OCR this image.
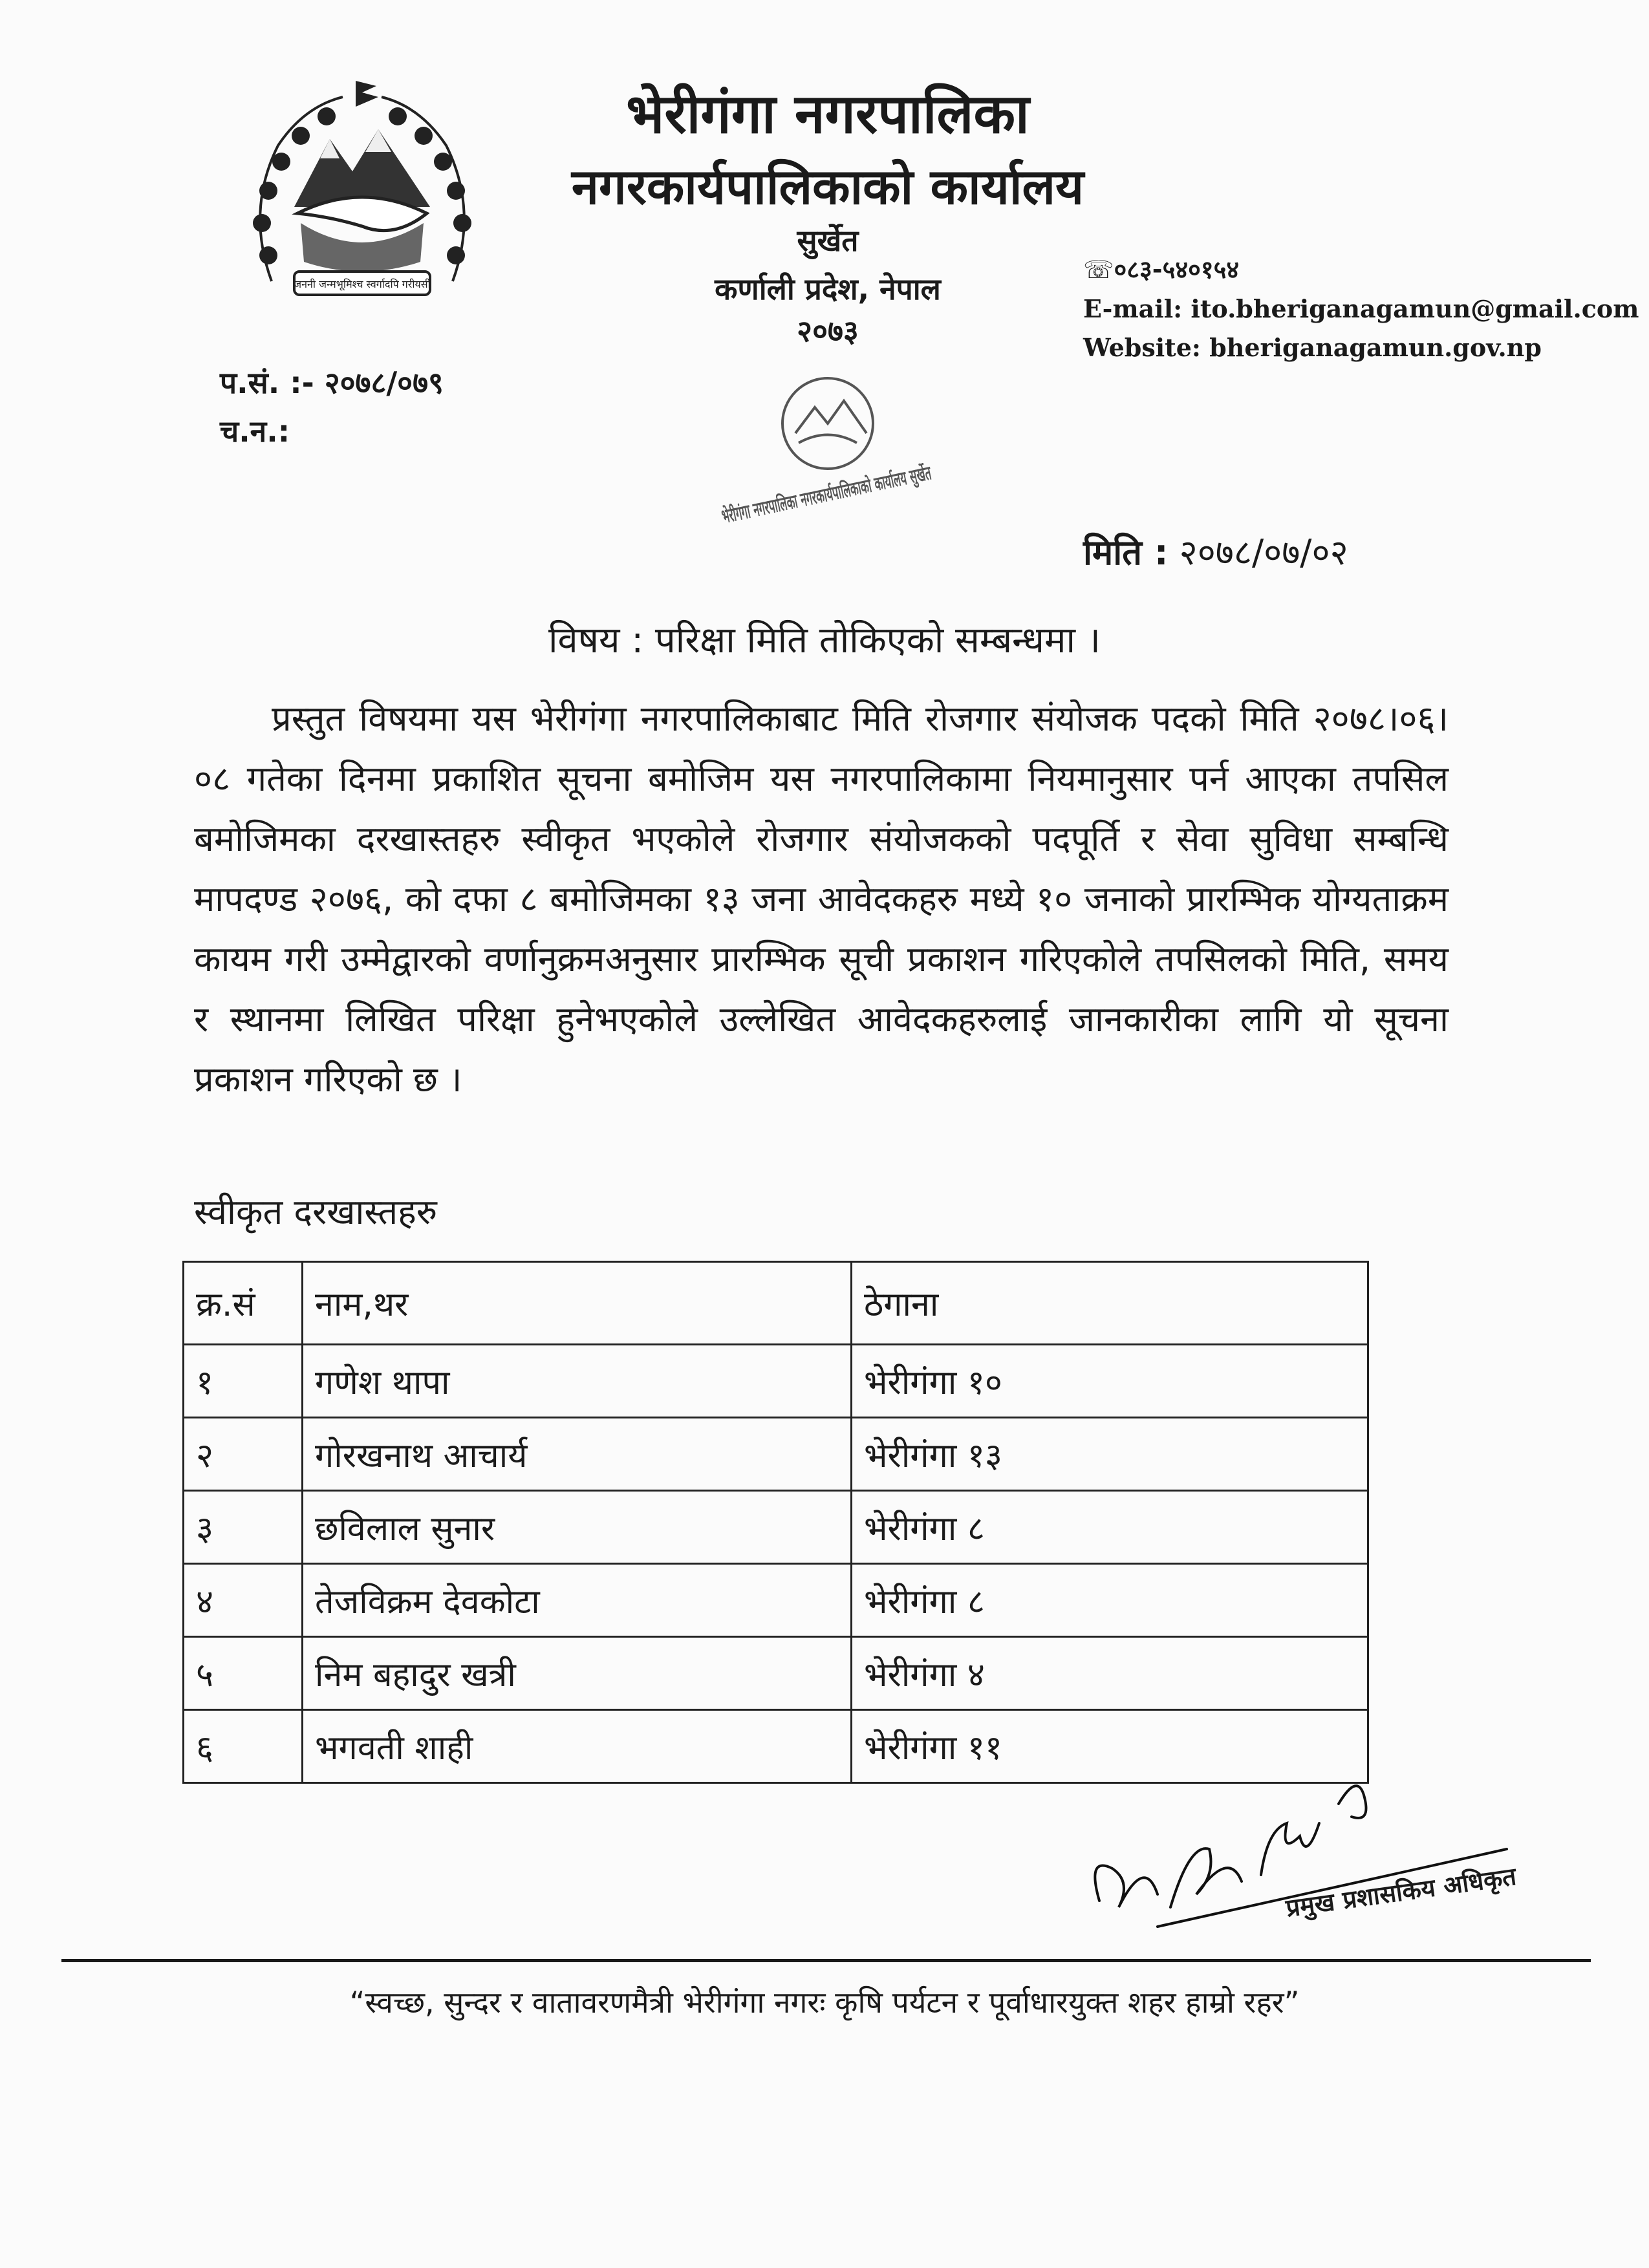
जननी जन्मभूमिश्च स्वर्गादपि गरीयसी
भेरीगंगा नगरपालिका
नगरकार्यपालिकाको कार्यालय
सुर्खेत
कर्णाली प्रदेश, नेपाल
२०७३
☏०८३-५४०१५४
E-mail: ito.bheriganagamun@gmail.com
Website: bheriganagamun.gov.np
प.सं. :- २०७८/०७९
च.न.:	भेरीगंगा नगरपालिका नगरकार्यपालिकाको कार्यालय सुर्खेत
मिति : २०७८/०७/०२
विषय : परिक्षा मिति तोकिएको सम्बन्धमा ।
प्रस्तुत विषयमा यस भेरीगंगा नगरपालिकाबाट मिति रोजगार संयोजक पदको मिति २०७८।०६।०८ गतेका दिनमा प्रकाशित सूचना बमोजिम यस नगरपालिकामा नियमानुसार पर्न आएका तपसिल बमोजिमका दरखास्तहरु स्वीकृत भएकोले रोजगार संयोजकको पदपूर्ति र सेवा सुविधा सम्बन्धि मापदण्ड २०७६, को दफा ८ बमोजिमका १३ जना आवेदकहरु मध्ये १० जनाको प्रारम्भिक योग्यताक्रम कायम गरी उम्मेद्वारको वर्णानुक्रमअनुसार प्रारम्भिक सूची प्रकाशन गरिएकोले तपसिलको मिति, समय र स्थानमा लिखित परिक्षा हुनेभएकोले उल्लेखित आवेदकहरुलाई जानकारीका लागि यो सूचना प्रकाशन गरिएको छ ।
स्वीकृत दरखास्तहरु
क्र.सं	नाम,थर	ठेगाना
१	गणेश थापा	भेरीगंगा १०
२	गोरखनाथ आचार्य	भेरीगंगा १३
३	छविलाल सुनार	भेरीगंगा ८
४	तेजविक्रम देवकोटा	भेरीगंगा ८
५	निम बहादुर खत्री	भेरीगंगा ४
६	भगवती शाही	भेरीगंगा ११
प्रमुख प्रशासकिय अधिकृत
“स्वच्छ, सुन्दर र वातावरणमैत्री भेरीगंगा नगरः कृषि पर्यटन र पूर्वाधारयुक्त शहर हाम्रो रहर”
